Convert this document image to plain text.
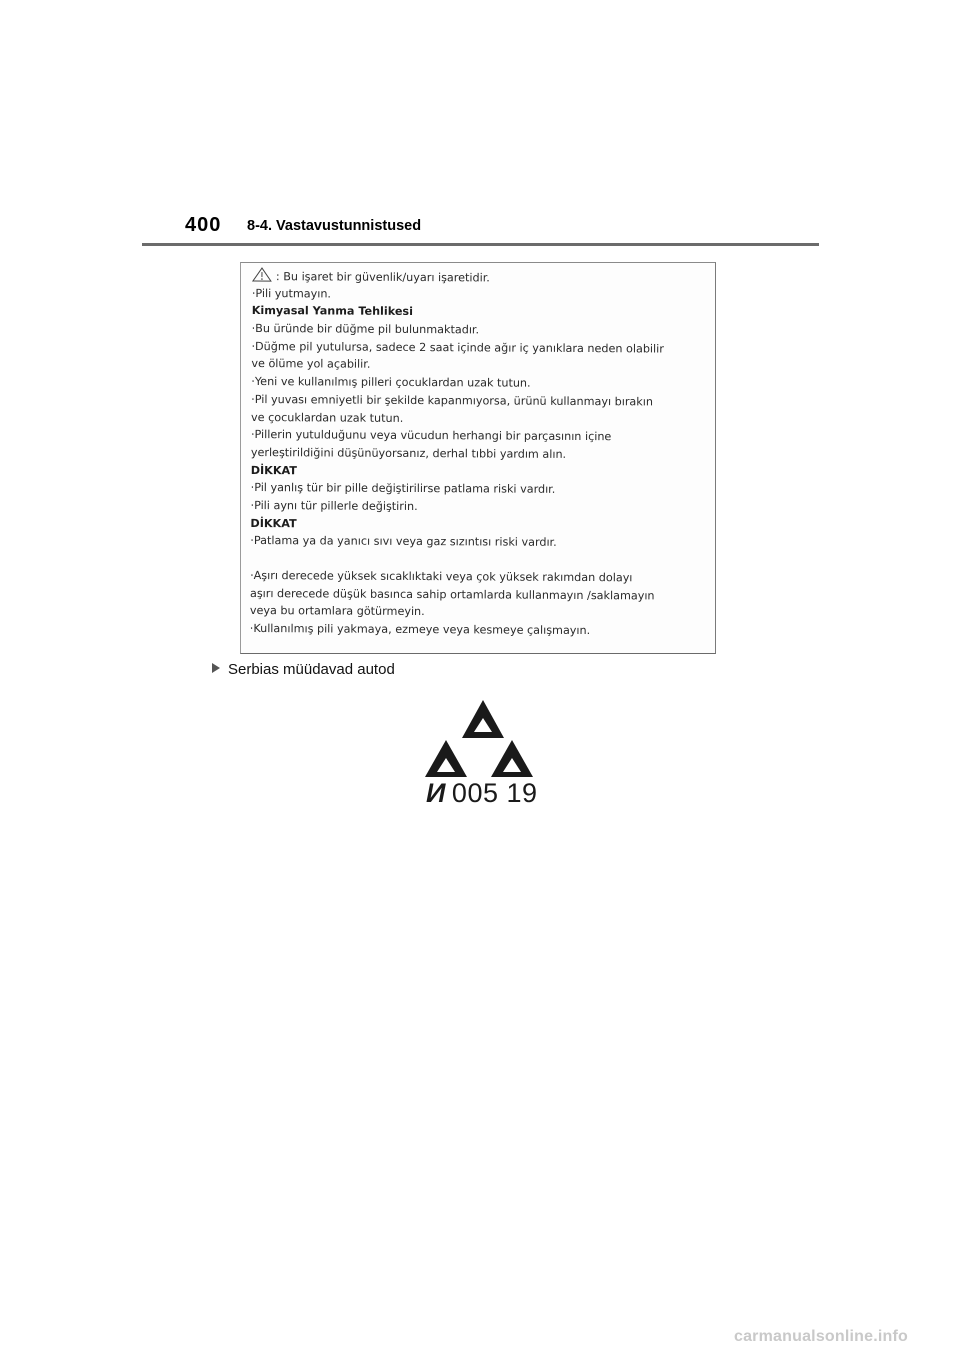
400 8-4. Vastavustunnistused
: Bu işaret bir güvenlik/uyarı işaretidir.
·Pili yutmayın.
Kimyasal Yanma Tehlikesi
·Bu üründe bir düğme pil bulunmaktadır.
·Düğme pil yutulursa, sadece 2 saat içinde ağır iç yanıklara neden olabilir
ve ölüme yol açabilir.
·Yeni ve kullanılmış pilleri çocuklardan uzak tutun.
·Pil yuvası emniyetli bir şekilde kapanmıyorsa, ürünü kullanmayı bırakın
ve çocuklardan uzak tutun.
·Pillerin yutulduğunu veya vücudun herhangi bir parçasının içine
yerleştirildiğini düşünüyorsanız, derhal tıbbi yardım alın.
DİKKAT
·Pil yanlış tür bir pille değiştirilirse patlama riski vardır.
·Pili aynı tür pillerle değiştirin.
DİKKAT
·Patlama ya da yanıcı sıvı veya gaz sızıntısı riski vardır.
·Aşırı derecede yüksek sıcaklıktaki veya çok yüksek rakımdan dolayı
aşırı derecede düşük basınca sahip ortamlarda kullanmayın /saklamayın
veya bu ortamlara götürmeyin.
·Kullanılmış pili yakmaya, ezmeye veya kesmeye çalışmayın.
Serbias müüdavad autod
И 005 19
carmanualsonline.info
